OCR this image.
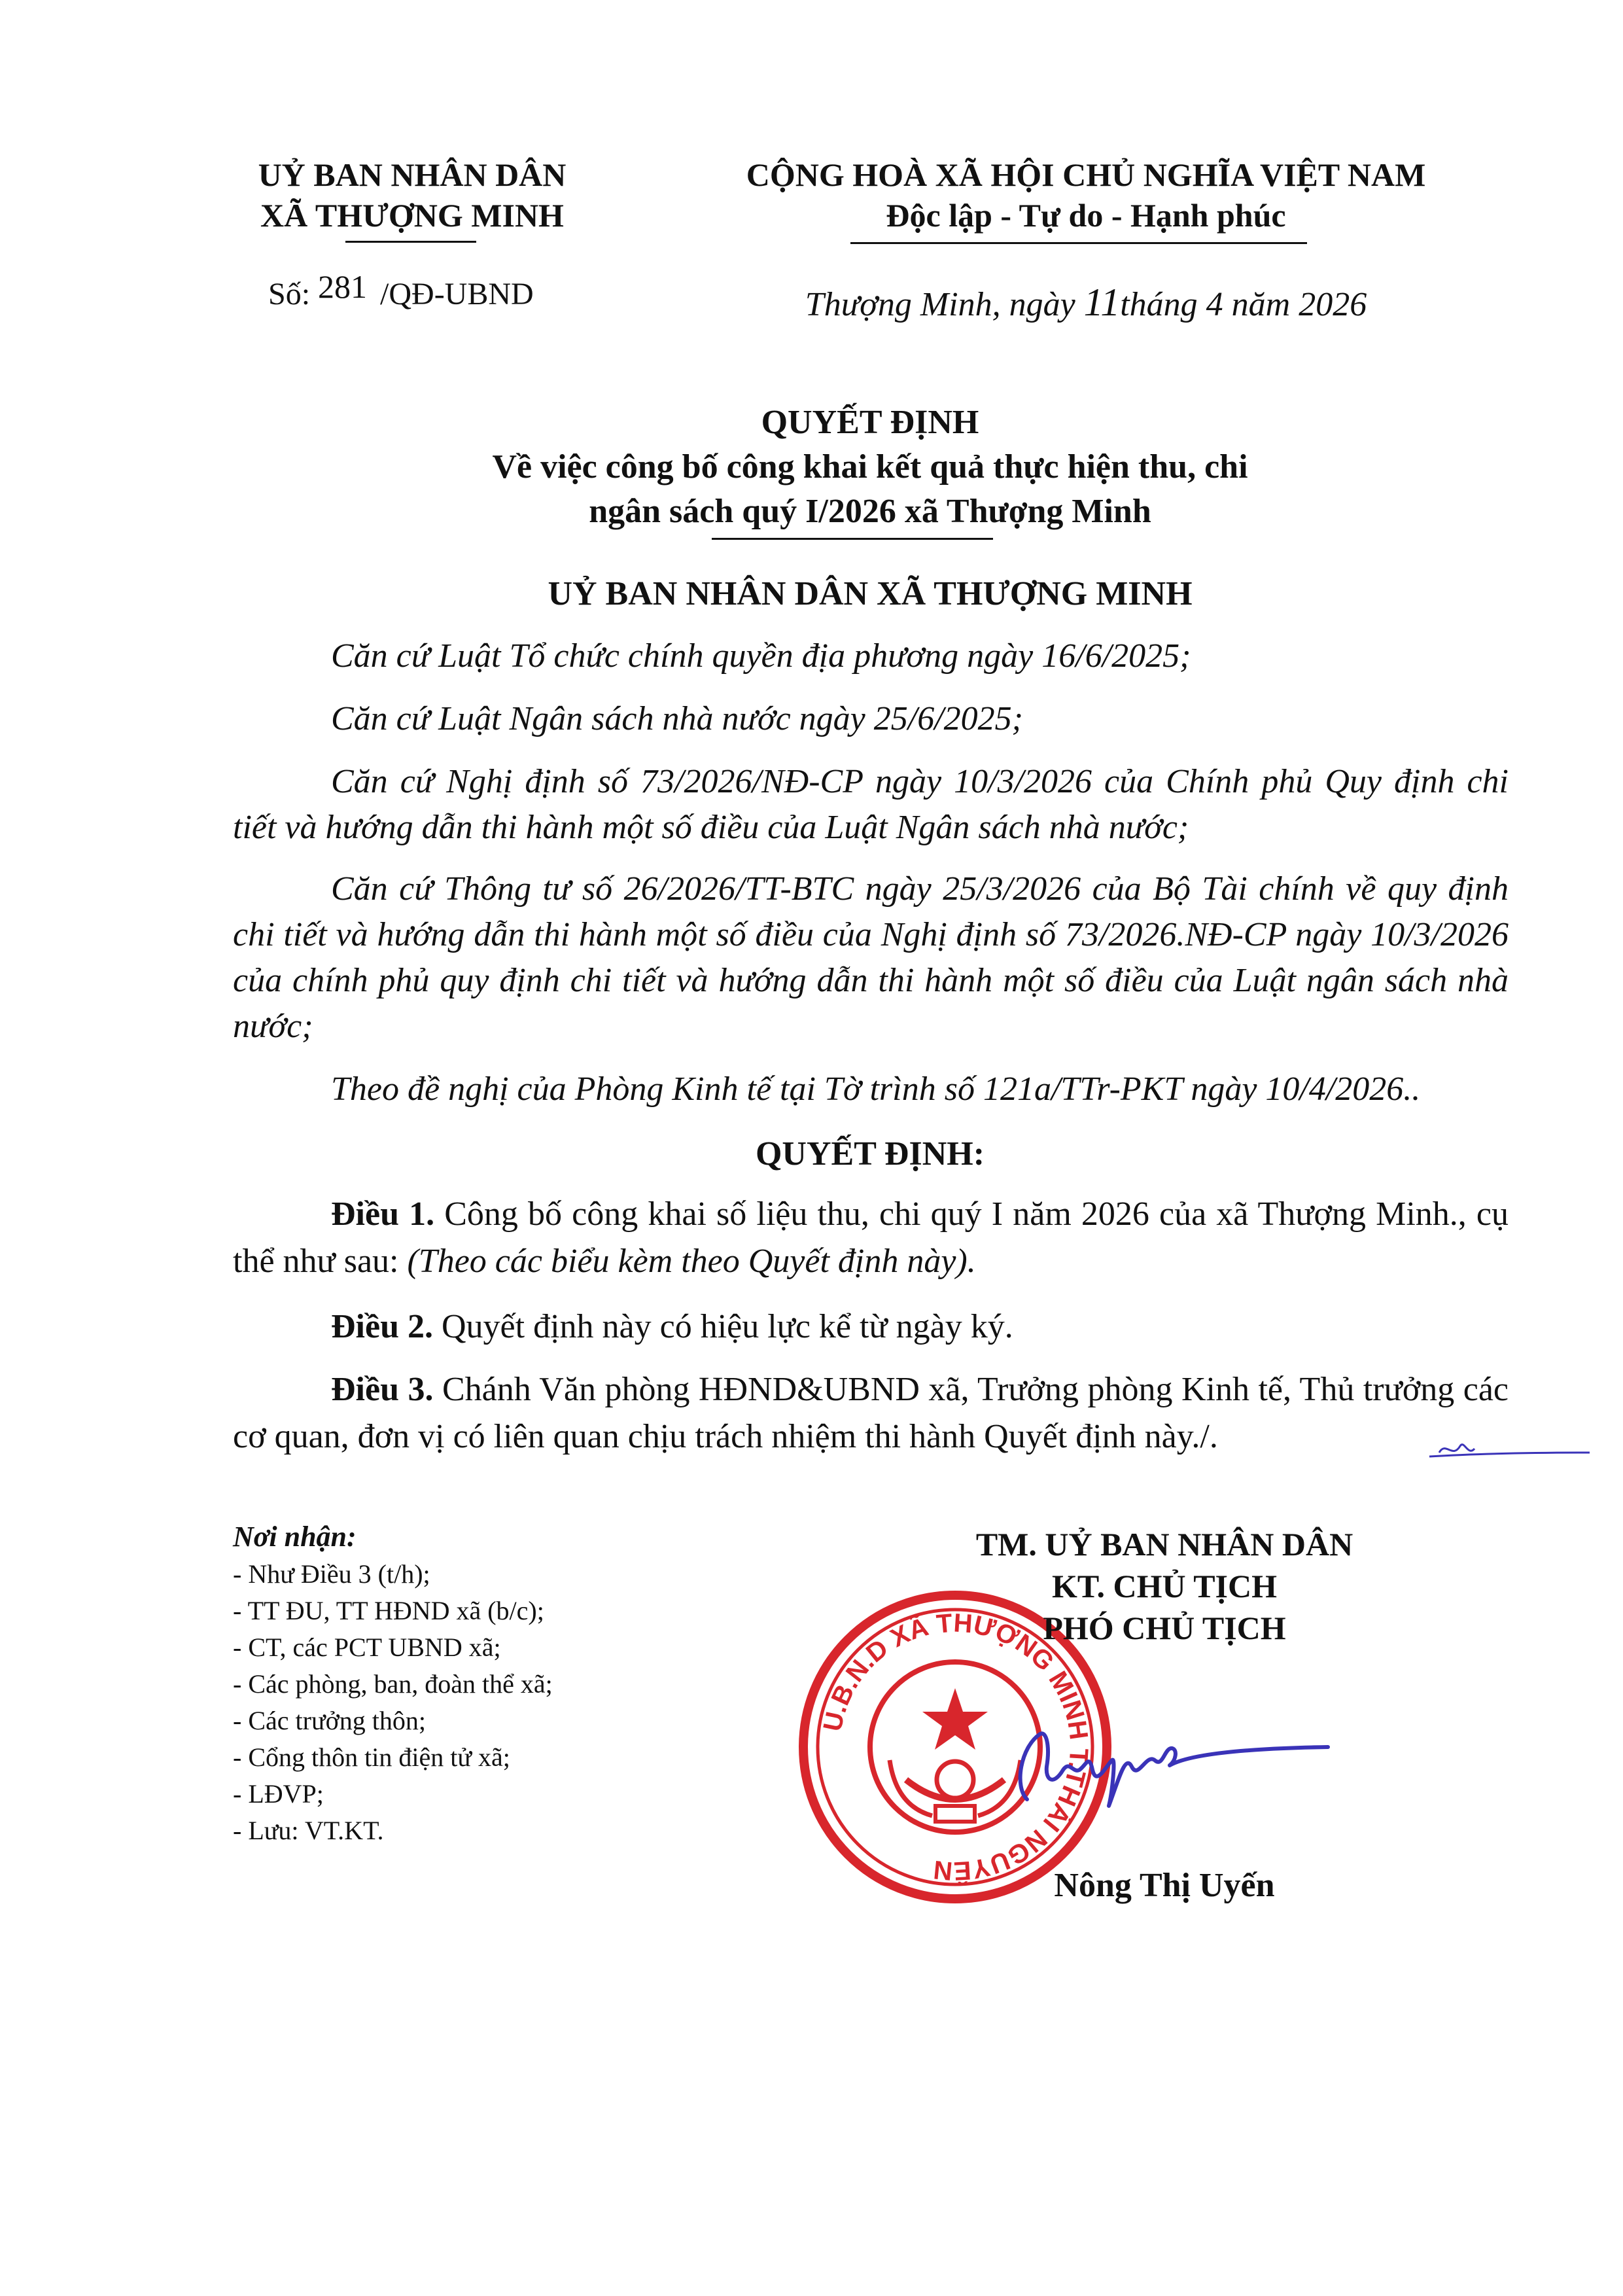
UỶ BAN NHÂN DÂN
XÃ THƯỢNG MINH
Số: 281 /QĐ-UBND
CỘNG HOÀ XÃ HỘI CHỦ NGHĨA VIỆT NAM
Độc lập - Tự do - Hạnh phúc
Thượng Minh, ngày 11tháng 4 năm 2026
QUYẾT ĐỊNH
Về việc công bố công khai kết quả thực hiện thu, chi
ngân sách quý I/2026 xã Thượng Minh
UỶ BAN NHÂN DÂN XÃ THƯỢNG MINH
Căn cứ Luật Tổ chức chính quyền địa phương ngày 16/6/2025;
Căn cứ Luật Ngân sách nhà nước ngày 25/6/2025;
Căn cứ Nghị định số 73/2026/NĐ-CP ngày 10/3/2026 của Chính phủ Quy định chi tiết và hướng dẫn thi hành một số điều của Luật Ngân sách nhà nước;
Căn cứ Thông tư số 26/2026/TT-BTC ngày 25/3/2026 của Bộ Tài chính về quy định chi tiết và hướng dẫn thi hành một số điều của Nghị định số 73/2026.NĐ-CP ngày 10/3/2026 của chính phủ quy định chi tiết và hướng dẫn thi hành một số điều của Luật ngân sách nhà nước;
Theo đề nghị của Phòng Kinh tế tại Tờ trình số 121a/TTr-PKT ngày 10/4/2026..
QUYẾT ĐỊNH:
Điều 1. Công bố công khai số liệu thu, chi quý I năm 2026 của xã Thượng Minh., cụ thể như sau: (Theo các biểu kèm theo Quyết định này).
Điều 2. Quyết định này có hiệu lực kể từ ngày ký.
Điều 3. Chánh Văn phòng HĐND&UBND xã, Trưởng phòng Kinh tế, Thủ trưởng các cơ quan, đơn vị có liên quan chịu trách nhiệm thi hành Quyết định này./.
Nơi nhận:
- Như Điều 3 (t/h);
- TT ĐU, TT HĐND xã (b/c);
- CT, các PCT UBND xã;
- Các phòng, ban, đoàn thể xã;
- Các trưởng thôn;
- Cổng thôn tin điện tử xã;
- LĐVP;
- Lưu: VT.KT.
U.B.N.D XÃ THƯỢNG MINH T.THÁI NGUYÊN
TM. UỶ BAN NHÂN DÂN
KT. CHỦ TỊCH
PHÓ CHỦ TỊCH
Nông Thị Uyến
